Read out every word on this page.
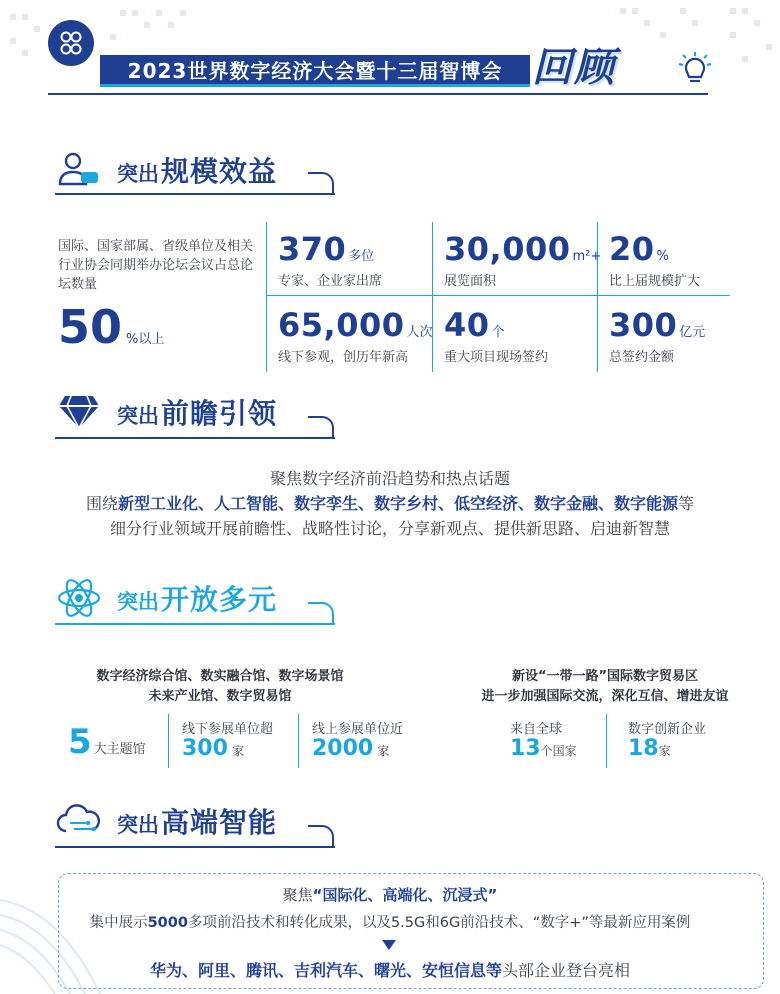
2023世界数字经济大会暨十三届智博会 回顾
突出 规模效益
国际、国家部属、省级单位及相关行业协会同期举办论坛会议占总论坛数量
50 %以上
370 多位
专家、企业家出席
30,000 m²+
展览面积
20 %
比上届规模扩大
65,000 人次
线下参观，创历年新高
40 个
重大项目现场签约
300 亿元
总签约金额
突出 前瞻引领
聚焦数字经济前沿趋势和热点话题
围绕新型工业化、人工智能、数字孪生、数字乡村、低空经济、数字金融、数字能源等
细分行业领域开展前瞻性、战略性讨论，分享新观点、提供新思路、启迪新智慧
突出 开放多元
数字经济综合馆、数实融合馆、数字场景馆
未来产业馆、数字贸易馆
5 大主题馆
线下参展单位超
300 家
线上参展单位近
2000 家
新设“一带一路”国际数字贸易区
进一步加强国际交流，深化互信、增进友谊
来自全球
13 个国家
数字创新企业
18 家
突出 高端智能
聚焦“国际化、高端化、沉浸式”
集中展示5000多项前沿技术和转化成果，以及5.5G和6G前沿技术、“数字+”等最新应用案例
华为、阿里、腾讯、吉利汽车、曙光、安恒信息等头部企业登台亮相
